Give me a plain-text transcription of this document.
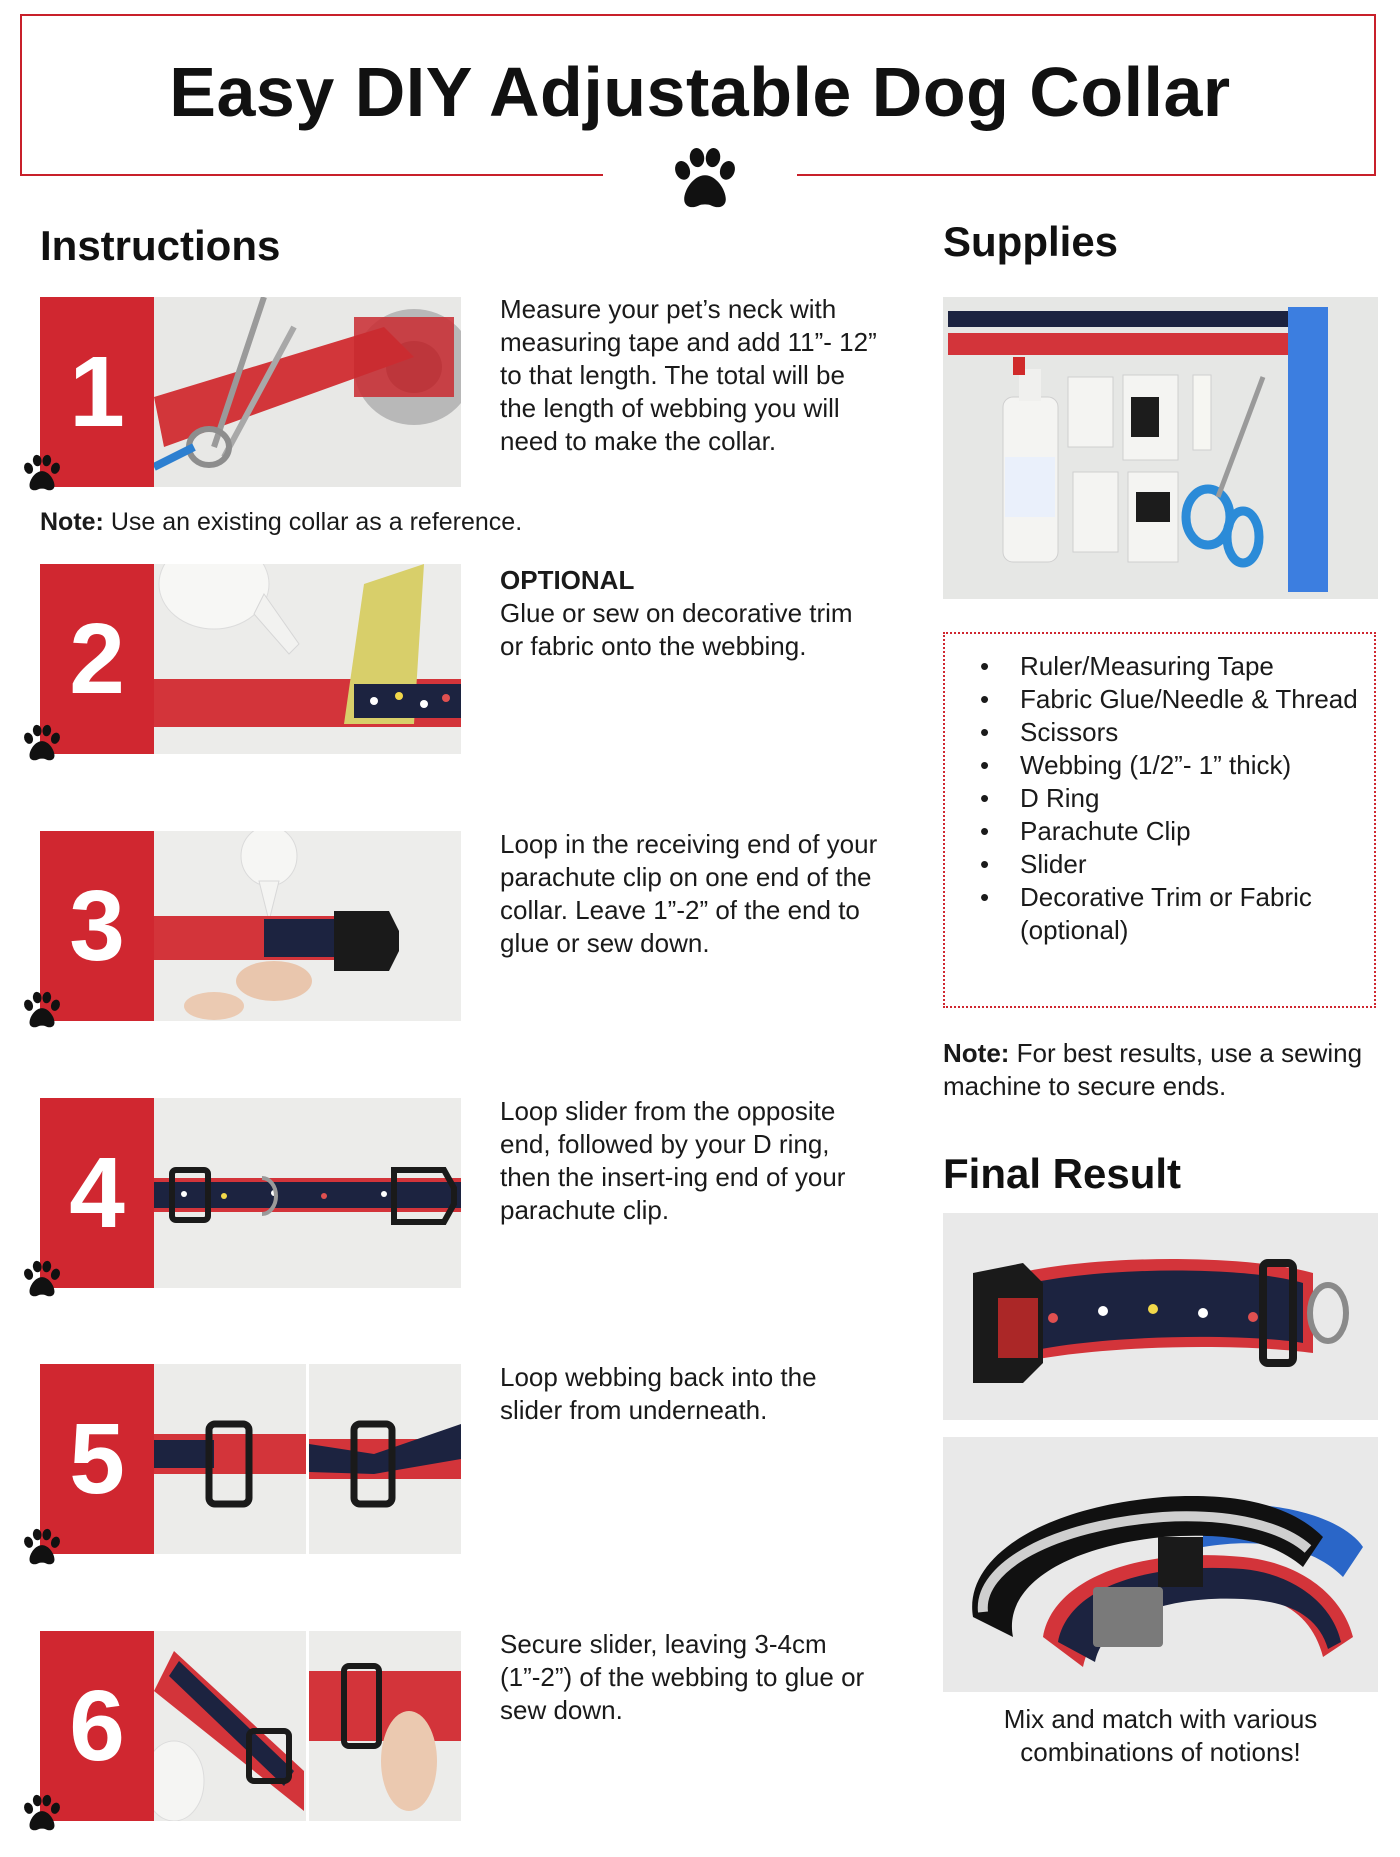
Easy DIY Adjustable Dog Collar
Instructions	Supplies
Final Result
1
Measure your pet’s neck with measuring tape and add 11”- 12” to that length. The total will be the length of webbing you will need to make the collar.
Note: Use an existing collar as a reference.
2
OPTIONAL
Glue or sew on decorative trim or fabric onto the webbing.
3
Loop in the receiving end of your parachute clip on one end of the collar. Leave 1”-2” of the end to glue or sew down.
4
Loop slider from the opposite end, followed by your D ring, then the insert-ing end of your parachute clip.
5
Loop webbing back into the slider from underneath.
6
Secure slider, leaving 3-4cm (1”-2”) of the webbing to glue or sew down.
• Ruler/Measuring Tape
• Fabric Glue/Needle & Thread
• Scissors
• Webbing (1/2”- 1” thick)
• D Ring
• Parachute Clip
• Slider
• Decorative Trim or Fabric (optional)
Note: For best results, use a sewing machine to secure ends.
Mix and match with various combinations of notions!
